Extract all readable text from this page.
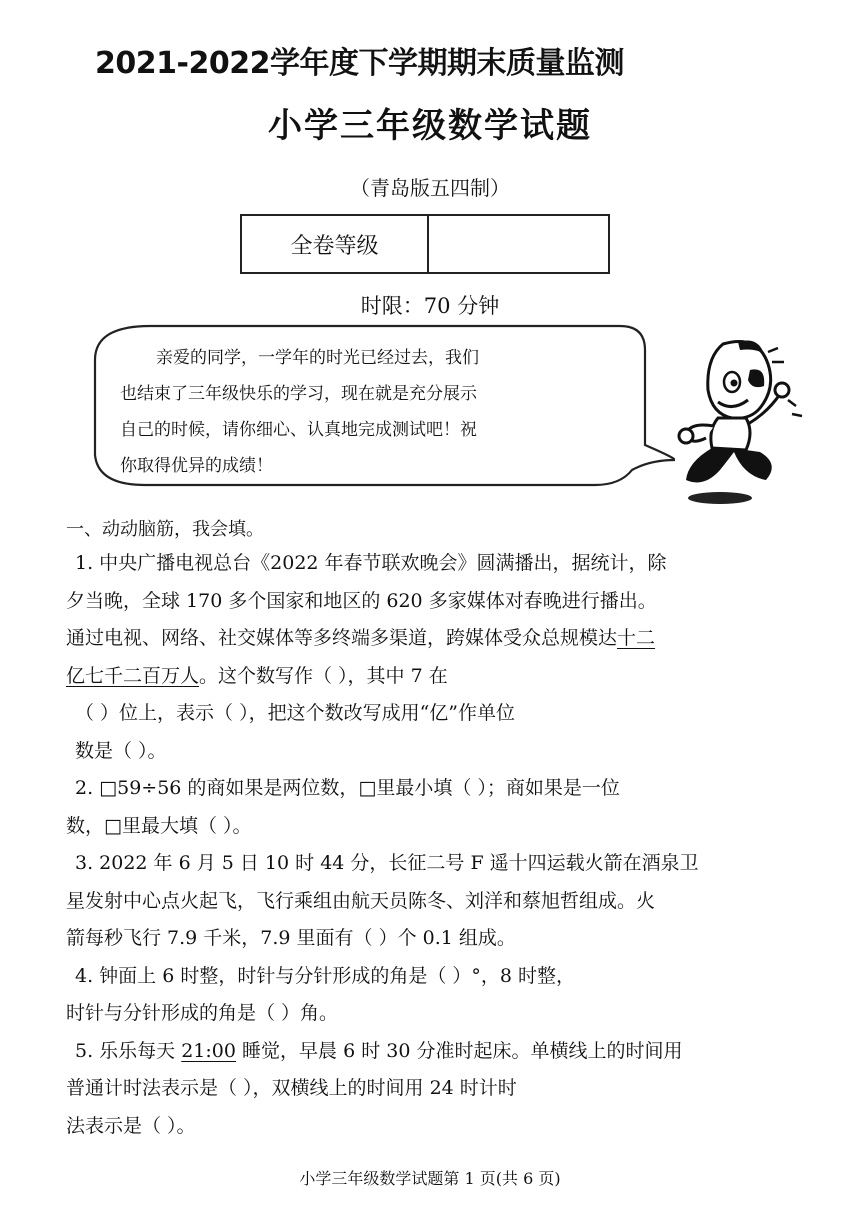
2021-2022学年度下学期期末质量监测
小学三年级数学试题
（青岛版五四制）
全卷等级
时限：70 分钟

亲爱的同学，一学年的时光已经过去，我们

也结束了三年级快乐的学习，现在就是充分展示

自己的时候，请你细心、认真地完成测试吧！祝

你取得优异的成绩！

一、动动脑筋，我会填。

1. 中央广播电视总台《2022 年春节联欢晚会》圆满播出，据统计，除

夕当晚，全球 170 多个国家和地区的 620 多家媒体对春晚进行播出。

通过电视、网络、社交媒体等多终端多渠道，跨媒体受众总规模达十二

亿七千二百万人。这个数写作（ ），其中 7 在

（ ）位上，表示（ ），把这个数改写成用“亿”作单位

数是（ ）。

2. □59÷56 的商如果是两位数，□里最小填（ ）；商如果是一位

数，□里最大填（ ）。

3. 2022 年 6 月 5 日 10 时 44 分，长征二号 F 遥十四运载火箭在酒泉卫

星发射中心点火起飞，飞行乘组由航天员陈冬、刘洋和蔡旭哲组成。火

箭每秒飞行 7.9 千米，7.9 里面有（ ）个 0.1 组成。

4. 钟面上 6 时整，时针与分针形成的角是（ ）°，8 时整，

时针与分针形成的角是（ ）角。

5. 乐乐每天 21:00 睡觉，早晨 6 时 30 分准时起床。单横线上的时间用

普通计时法表示是（ ），双横线上的时间用 24 时计时

法表示是（ ）。

小学三年级数学试题第 1 页(共 6 页)
